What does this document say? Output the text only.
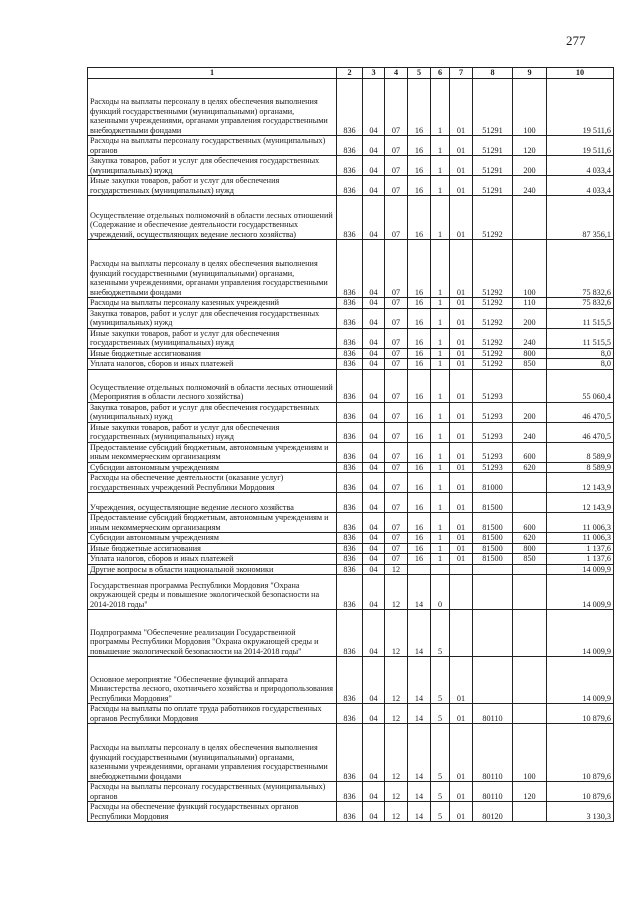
277
1	2	3	4	5	6	7	8	9	10
Расходы на выплаты персоналу в целях обеспечения выполнения функций государственными (муниципальными) органами, казенными учреждениями, органами управления государственными внебюджетными фондами	836	04	07	16	1	01	51291	100	19 511,6
Расходы на выплаты персоналу государственных (муниципальных) органов	836	04	07	16	1	01	51291	120	19 511,6
Закупка товаров, работ и услуг для обеспечения государственных (муниципальных) нужд	836	04	07	16	1	01	51291	200	4 033,4
Иные закупки товаров, работ и услуг для обеспечения государственных (муниципальных) нужд	836	04	07	16	1	01	51291	240	4 033,4
Осуществление отдельных полномочий в области лесных отношений (Содержание и обеспечение деятельности государственных учреждений, осуществляющих ведение лесного хозяйства)	836	04	07	16	1	01	51292		87 356,1
Расходы на выплаты персоналу в целях обеспечения выполнения функций государственными (муниципальными) органами, казенными учреждениями, органами управления государственными внебюджетными фондами	836	04	07	16	1	01	51292	100	75 832,6
Расходы на выплаты персоналу казенных учреждений	836	04	07	16	1	01	51292	110	75 832,6
Закупка товаров, работ и услуг для обеспечения государственных (муниципальных) нужд	836	04	07	16	1	01	51292	200	11 515,5
Иные закупки товаров, работ и услуг для обеспечения государственных (муниципальных) нужд	836	04	07	16	1	01	51292	240	11 515,5
Иные бюджетные ассигнования	836	04	07	16	1	01	51292	800	8,0
Уплата налогов, сборов и иных платежей	836	04	07	16	1	01	51292	850	8,0
Осуществление отдельных полномочий в области лесных отношений (Мероприятия в области лесного хозяйства)	836	04	07	16	1	01	51293		55 060,4
Закупка товаров, работ и услуг для обеспечения государственных (муниципальных) нужд	836	04	07	16	1	01	51293	200	46 470,5
Иные закупки товаров, работ и услуг для обеспечения государственных (муниципальных) нужд	836	04	07	16	1	01	51293	240	46 470,5
Предоставление субсидий бюджетным, автономным учреждениям и иным некоммерческим организациям	836	04	07	16	1	01	51293	600	8 589,9
Субсидии автономным учреждениям	836	04	07	16	1	01	51293	620	8 589,9
Расходы на обеспечение деятельности (оказание услуг) государственных учреждений Республики Мордовия	836	04	07	16	1	01	81000		12 143,9
Учреждения, осуществляющие ведение лесного хозяйства	836	04	07	16	1	01	81500		12 143,9
Предоставление субсидий бюджетным, автономным учреждениям и иным некоммерческим организациям	836	04	07	16	1	01	81500	600	11 006,3
Субсидии автономным учреждениям	836	04	07	16	1	01	81500	620	11 006,3
Иные бюджетные ассигнования	836	04	07	16	1	01	81500	800	1 137,6
Уплата налогов, сборов и иных платежей	836	04	07	16	1	01	81500	850	1 137,6
Другие вопросы в области национальной экономики	836	04	12						14 009,9
Государственная программа Республики Мордовия "Охрана окружающей среды и повышение экологической безопасности на 2014-2018 годы"	836	04	12	14	0				14 009,9
Подпрограмма "Обеспечение реализации Государственной программы Республики Мордовия "Охрана окружающей среды и повышение экологической безопасности на 2014-2018 годы"	836	04	12	14	5				14 009,9
Основное мероприятие "Обеспечение функций аппарата Министерства лесного, охотничьего хозяйства и природопользования Республики Мордовия"	836	04	12	14	5	01			14 009,9
Расходы на выплаты по оплате труда работников государственных органов Республики Мордовия	836	04	12	14	5	01	80110		10 879,6
Расходы на выплаты персоналу в целях обеспечения выполнения функций государственными (муниципальными) органами, казенными учреждениями, органами управления государственными внебюджетными фондами	836	04	12	14	5	01	80110	100	10 879,6
Расходы на выплаты персоналу государственных (муниципальных) органов	836	04	12	14	5	01	80110	120	10 879,6
Расходы на обеспечение функций государственных органов Республики Мордовия	836	04	12	14	5	01	80120		3 130,3
